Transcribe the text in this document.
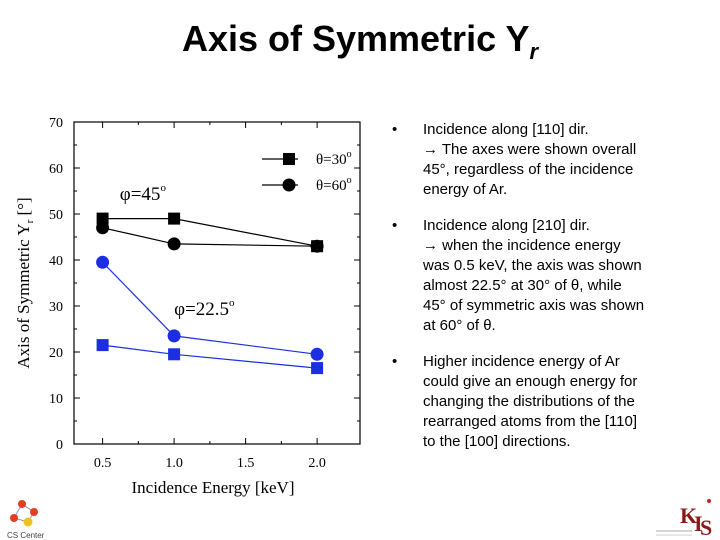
Axis of Symmetric $Y_r$
0
10
20
30
40
50
60
70
0.5	1.0	1.5	2.0
Incidence Energy [keV]
Axis of Symmetric $Y_r$ [°]
$\theta=30^o$
$\theta=60^o$
$\varphi=45^o$
$\varphi=22.5^o$
• Incidence along [110] dir.
→ The axes were shown overall
45°, regardless of the incidence
energy of Ar.
• Incidence along [210] dir.
→ when the incidence energy
was 0.5 keV, the axis was shown
almost 22.5° at 30° of θ, while
45° of symmetric axis was shown
at 60° of θ.
• Higher incidence energy of Ar
could give an enough energy for
changing the distributions of the
rearranged atoms from the [110]
to the [100] directions.
CS Center
K
I
S
